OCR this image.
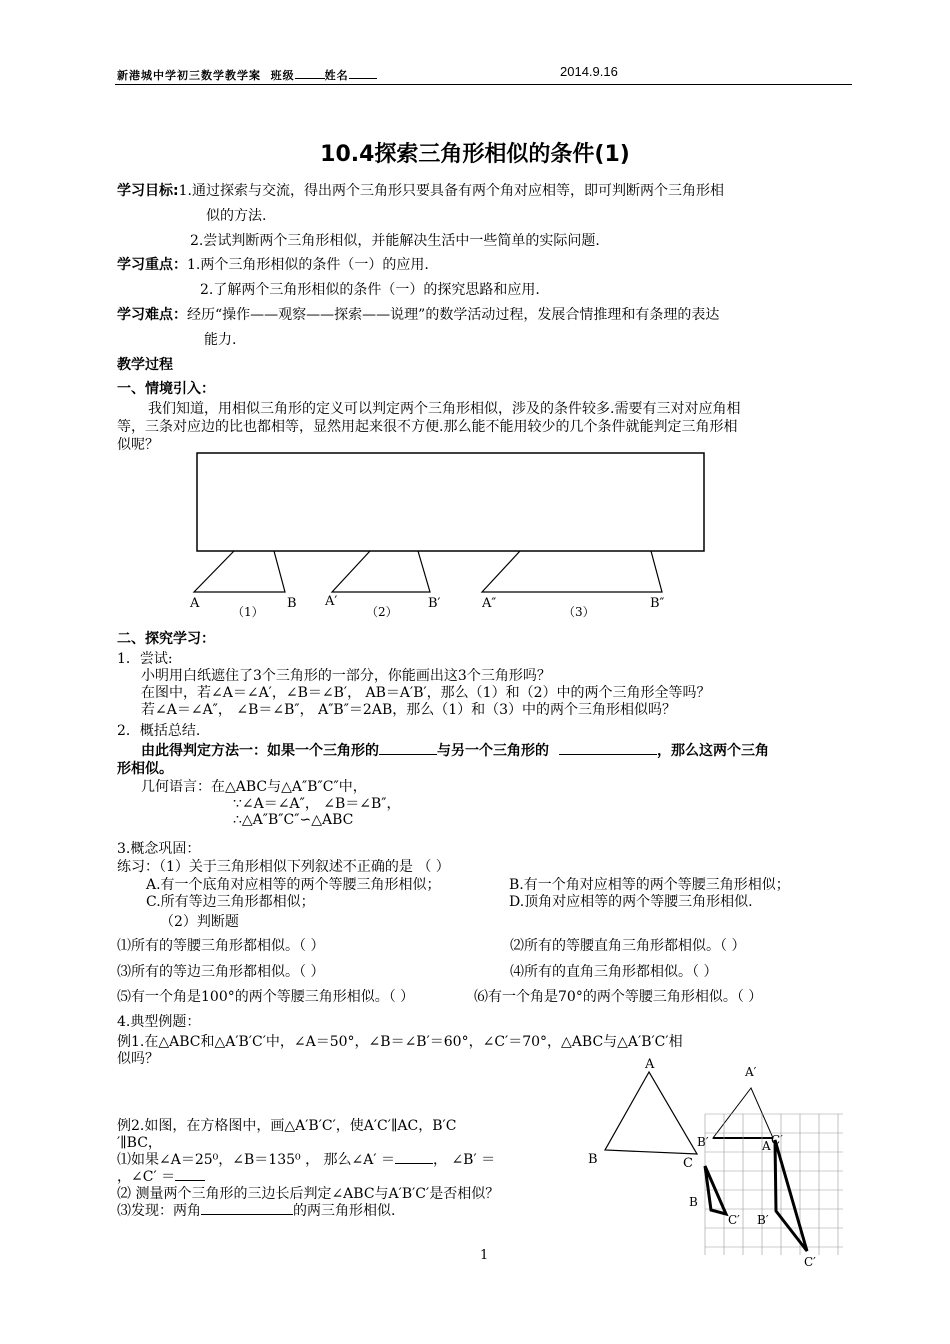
新港城中学初三数学教学案 班级	姓名	2014.9.16
10.4探索三角形相似的条件(1)
学习目标:1.通过探索与交流，得出两个三角形只要具备有两个角对应相等，即可判断两个三角形相
似的方法.
2.尝试判断两个三角形相似，并能解决生活中一些简单的实际问题.
学习重点：1.两个三角形相似的条件（一）的应用.
2.了解两个三角形相似的条件（一）的探究思路和应用.
学习难点：经历“操作——观察——探索——说理”的数学活动过程，发展合情推理和有条理的表达
能力.
教学过程
一、情境引入：
我们知道，用相似三角形的定义可以判定两个三角形相似，涉及的条件较多.需要有三对对应角相
等，三条对应边的比也都相等，显然用起来很不方便.那么能不能用较少的几个条件就能判定三角形相
似呢？
A	B A′	B′	A″	B″
（1）	（2）	（3）
二、探究学习：
1．尝试:
小明用白纸遮住了3个三角形的一部分，你能画出这3个三角形吗？
在图中，若∠A＝∠A′，∠B＝∠B′， AB＝A′B′，那么（1）和（2）中的两个三角形全等吗？
若∠A＝∠A″， ∠B＝∠B″， A″B″＝2AB，那么（1）和（3）中的两个三角形相似吗？
2．概括总结.
由此得判定方法一：如果一个三角形的	与另一个三角形的	，那么这两个三角
形相似。
几何语言：在△ABC与△A″B″C″中，
∵∠A＝∠A″， ∠B＝∠B″，
∴△A″B″C″∽△ABC
3.概念巩固：
练习：（1）关于三角形相似下列叙述不正确的是 （ ）
A.有一个底角对应相等的两个等腰三角形相似；	B.有一个角对应相等的两个等腰三角形相似；
C.所有等边三角形都相似；	D.顶角对应相等的两个等腰三角形相似.
（2）判断题
⑴所有的等腰三角形都相似。（ ）	⑵所有的等腰直角三角形都相似。（ ）
⑶所有的等边三角形都相似。（ ）	⑷所有的直角三角形都相似。（ ）
⑸有一个角是100°的两个等腰三角形相似。（ ）	⑹有一个角是70°的两个等腰三角形相似。（ ）
4.典型例题：
例1.在△ABC和△A′B′C′中，∠A＝50°，∠B＝∠B′＝60°，∠C′＝70°，△ABC与△A′B′C′相
似吗？
例2.如图，在方格图中，画△A′B′C′，使A′C′∥AC，B′C
′∥BC，
⑴如果∠A＝25⁰，∠B＝135⁰ ， 那么∠A′ ＝	， ∠B′ ＝
，∠C′ ＝
⑵ 测量两个三角形的三边长后判定∠ABC与A′B′C′是否相似？
⑶发现：两角	的两三角形相似.
A
B	C
A′
B′	C′
A
B
C′ B′
C′
1
